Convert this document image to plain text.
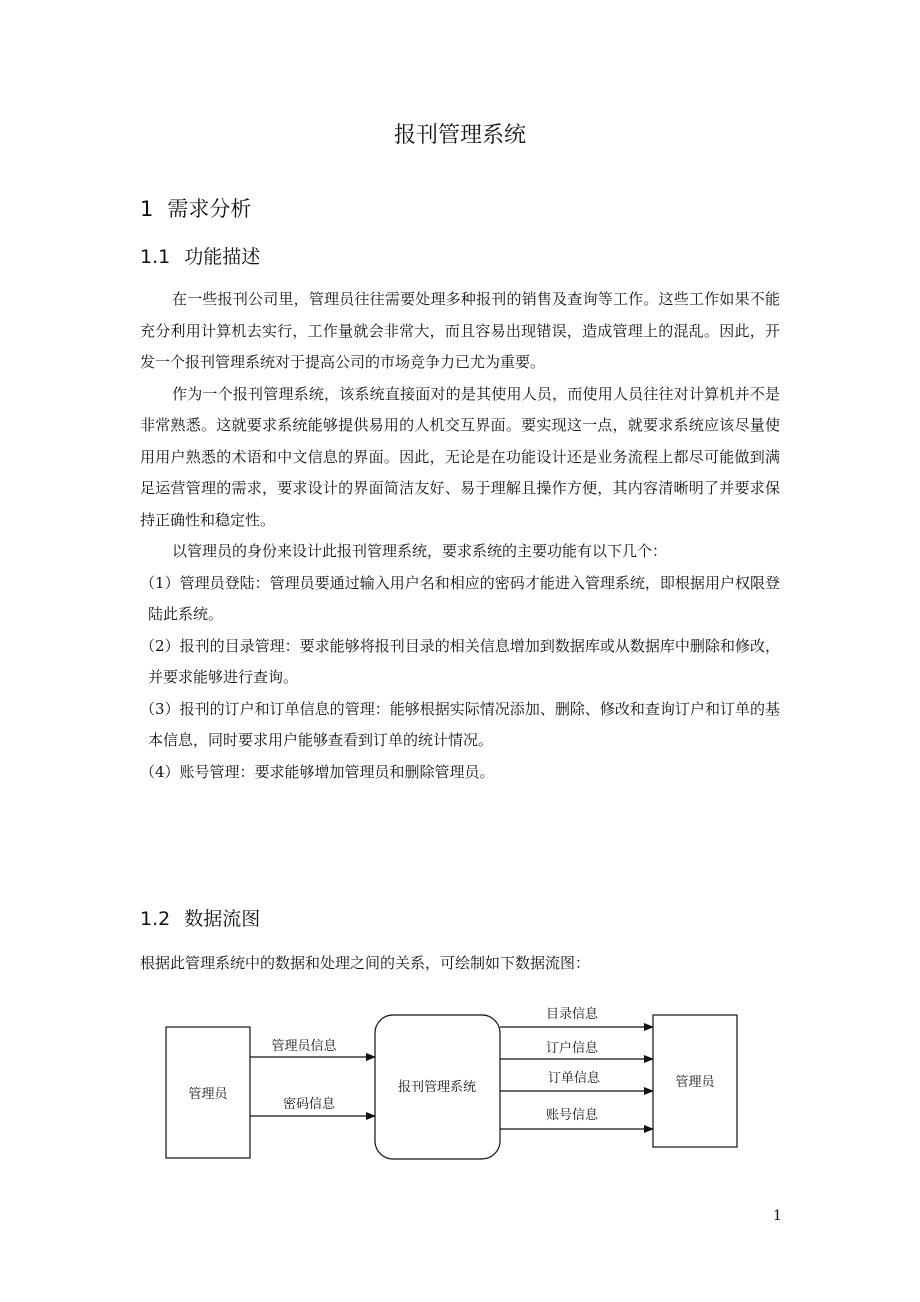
报刊管理系统
1 需求分析
1.1 功能描述

在一些报刊公司里，管理员往往需要处理多种报刊的销售及查询等工作。这些工作如果不能充分利用计算机去实行，工作量就会非常大，而且容易出现错误，造成管理上的混乱。因此，开发一个报刊管理系统对于提高公司的市场竞争力已尤为重要。

作为一个报刊管理系统，该系统直接面对的是其使用人员，而使用人员往往对计算机并不是非常熟悉。这就要求系统能够提供易用的人机交互界面。要实现这一点，就要求系统应该尽量使用用户熟悉的术语和中文信息的界面。因此，无论是在功能设计还是业务流程上都尽可能做到满足运营管理的需求，要求设计的界面简洁友好、易于理解且操作方便，其内容清晰明了并要求保持正确性和稳定性。

以管理员的身份来设计此报刊管理系统，要求系统的主要功能有以下几个：

（1）管理员登陆：管理员要通过输入用户名和相应的密码才能进入管理系统，即根据用户权限登陆此系统。

（2）报刊的目录管理：要求能够将报刊目录的相关信息增加到数据库或从数据库中删除和修改，并要求能够进行查询。

（3）报刊的订户和订单信息的管理：能够根据实际情况添加、删除、修改和查询订户和订单的基本信息，同时要求用户能够查看到订单的统计情况。

（4）账号管理：要求能够增加管理员和删除管理员。

1.2 数据流图
根据此管理系统中的数据和处理之间的关系，可绘制如下数据流图：
管理员	报刊管理系统	管理员
管理员信息
密码信息
目录信息
订户信息
订单信息
账号信息
1
